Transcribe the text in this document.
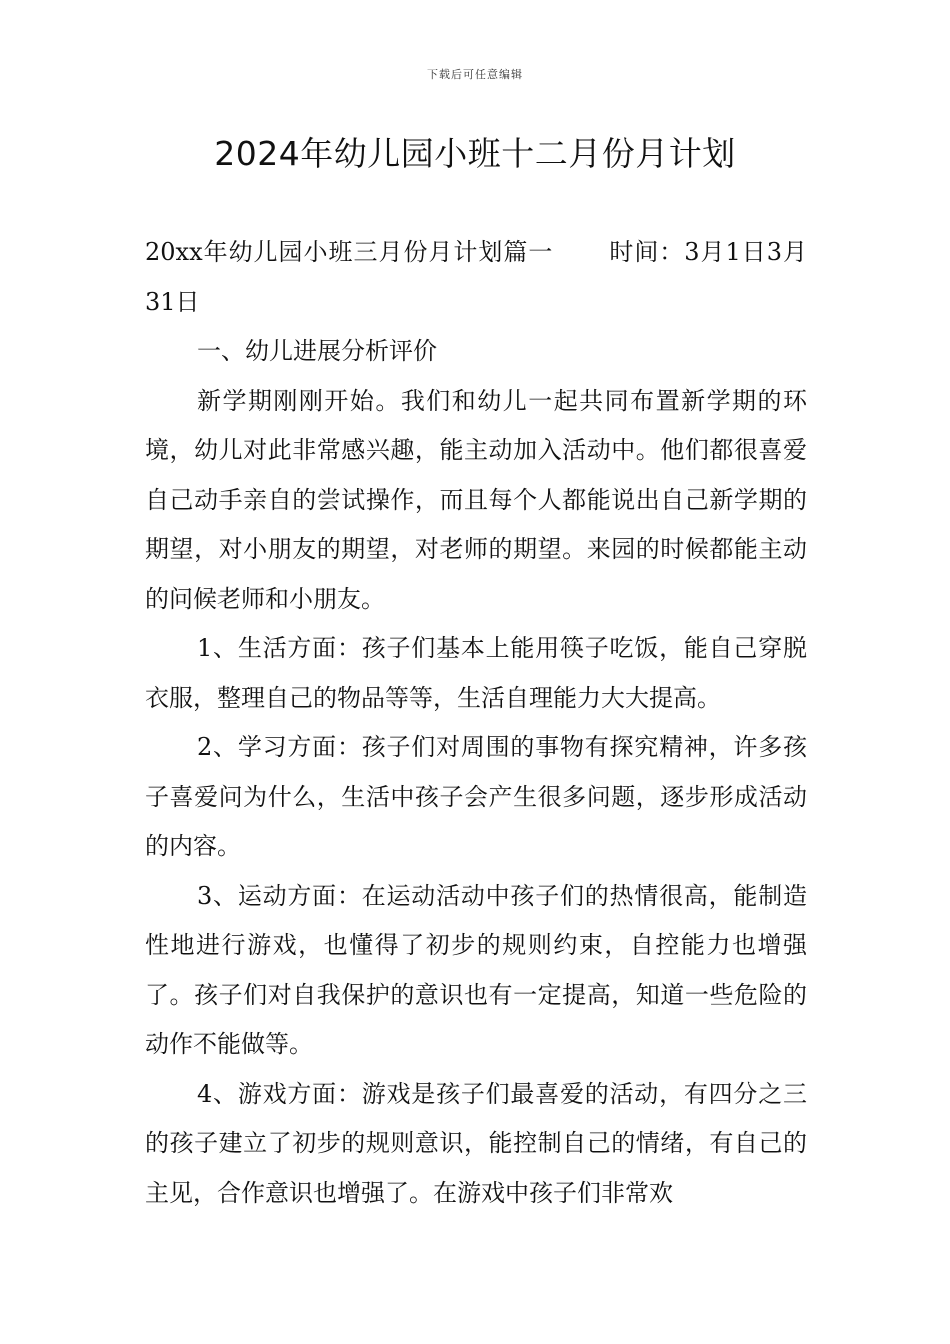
下载后可任意编辑
2024年幼儿园小班十二月份月计划

20xx年幼儿园小班三月份月计划篇一 时间：3月1日3月31日

一、幼儿进展分析评价

新学期刚刚开始。我们和幼儿一起共同布置新学期的环境，幼儿对此非常感兴趣，能主动加入活动中。他们都很喜爱自己动手亲自的尝试操作，而且每个人都能说出自己新学期的期望，对小朋友的期望，对老师的期望。来园的时候都能主动的问候老师和小朋友。

1、生活方面：孩子们基本上能用筷子吃饭，能自己穿脱衣服，整理自己的物品等等，生活自理能力大大提高。

2、学习方面：孩子们对周围的事物有探究精神，许多孩子喜爱问为什么，生活中孩子会产生很多问题，逐步形成活动的内容。

3、运动方面：在运动活动中孩子们的热情很高，能制造性地进行游戏，也懂得了初步的规则约束，自控能力也增强了。孩子们对自我保护的意识也有一定提高，知道一些危险的动作不能做等。

4、游戏方面：游戏是孩子们最喜爱的活动，有四分之三的孩子建立了初步的规则意识，能控制自己的情绪，有自己的主见，合作意识也增强了。在游戏中孩子们非常欢
